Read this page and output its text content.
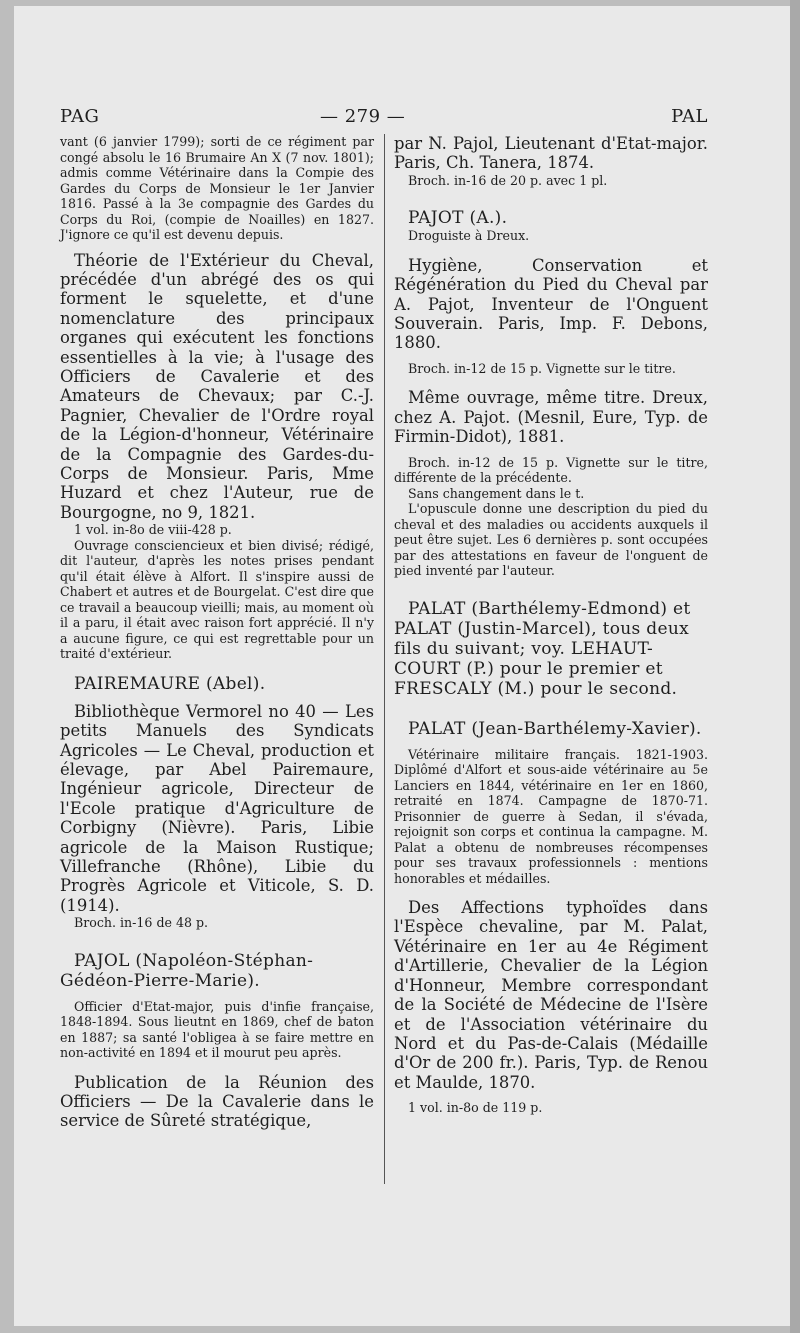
PAG	— 279 —	PAL

vant (6 janvier 1799); sorti de ce régiment par congé absolu le 16 Brumaire An X (7 nov. 1801); admis comme Vétérinaire dans la Compie des Gardes du Corps de Monsieur le 1er Janvier 1816. Passé à la 3e compagnie des Gardes du Corps du Roi, (compie de Noailles) en 1827. J'ignore ce qu'il est devenu depuis.

Théorie de l'Extérieur du Cheval, précédée d'un abrégé des os qui forment le squelette, et d'une nomenclature des principaux organes qui exécutent les fonctions essentielles à la vie; à l'usage des Officiers de Cavalerie et des Amateurs de Chevaux; par C.-J. Pagnier, Chevalier de l'Ordre royal de la Légion-d'honneur, Vétérinaire de la Compagnie des Gardes-du-Corps de Monsieur. Paris, Mme Huzard et chez l'Auteur, rue de Bourgogne, no 9, 1821.

1 vol. in-8o de viii-428 p.

Ouvrage consciencieux et bien divisé; rédigé, dit l'auteur, d'après les notes prises pendant qu'il était élève à Alfort. Il s'inspire aussi de Chabert et autres et de Bourgelat. C'est dire que ce travail a beaucoup vieilli; mais, au moment où il a paru, il était avec raison fort apprécié. Il n'y a aucune figure, ce qui est regrettable pour un traité d'extérieur.

PAIREMAURE (Abel).

Bibliothèque Vermorel no 40 — Les petits Manuels des Syndicats Agricoles — Le Cheval, production et élevage, par Abel Pairemaure, Ingénieur agricole, Directeur de l'Ecole pratique d'Agriculture de Corbigny (Nièvre). Paris, Libie agricole de la Maison Rustique; Villefranche (Rhône), Libie du Progrès Agricole et Viticole, S. D. (1914).

Broch. in-16 de 48 p.

PAJOL (Napoléon-Stéphan-Gédéon-Pierre-Marie).

Officier d'Etat-major, puis d'infie française, 1848-1894. Sous lieutnt en 1869, chef de baton en 1887; sa santé l'obligea à se faire mettre en non-activité en 1894 et il mourut peu après.

Publication de la Réunion des Officiers — De la Cavalerie dans le service de Sûreté stratégique,

par N. Pajol, Lieutenant d'Etat-major. Paris, Ch. Tanera, 1874.

Broch. in-16 de 20 p. avec 1 pl.

PAJOT (A.).

Droguiste à Dreux.

Hygiène, Conservation et Régénération du Pied du Cheval par A. Pajot, Inventeur de l'Onguent Souverain. Paris, Imp. F. Debons, 1880.

Broch. in-12 de 15 p. Vignette sur le titre.

Même ouvrage, même titre. Dreux, chez A. Pajot. (Mesnil, Eure, Typ. de Firmin-Didot), 1881.

Broch. in-12 de 15 p. Vignette sur le titre, différente de la précédente.

Sans changement dans le t.

L'opuscule donne une description du pied du cheval et des maladies ou accidents auxquels il peut être sujet. Les 6 dernières p. sont occupées par des attestations en faveur de l'onguent de pied inventé par l'auteur.

PALAT (Barthélemy-Edmond) et PALAT (Justin-Marcel), tous deux fils du suivant; voy. LEHAUT-COURT (P.) pour le premier et FRESCALY (M.) pour le second.

PALAT (Jean-Barthélemy-Xavier).

Vétérinaire militaire français. 1821-1903. Diplômé d'Alfort et sous-aide vétérinaire au 5e Lanciers en 1844, vétérinaire en 1er en 1860, retraité en 1874. Campagne de 1870-71. Prisonnier de guerre à Sedan, il s'évada, rejoignit son corps et continua la campagne. M. Palat a obtenu de nombreuses récompenses pour ses travaux professionnels : mentions honorables et médailles.

Des Affections typhoïdes dans l'Espèce chevaline, par M. Palat, Vétérinaire en 1er au 4e Régiment d'Artillerie, Chevalier de la Légion d'Honneur, Membre correspondant de la Société de Médecine de l'Isère et de l'Association vétérinaire du Nord et du Pas-de-Calais (Médaille d'Or de 200 fr.). Paris, Typ. de Renou et Maulde, 1870.

1 vol. in-8o de 119 p.
